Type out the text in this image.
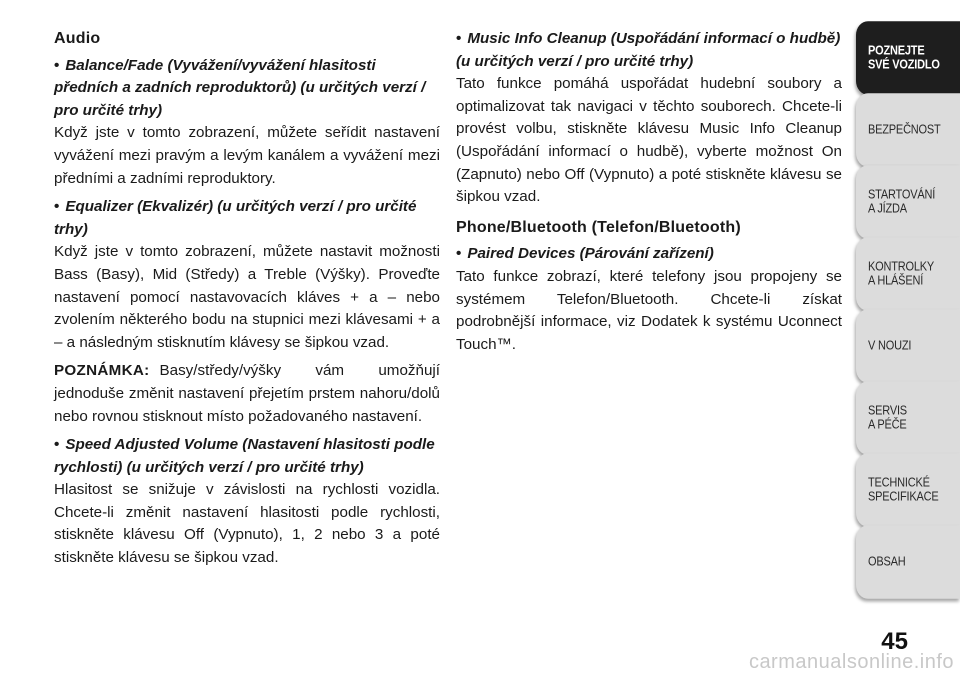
Audio

• Balance/Fade (Vyvážení/vyvážení hlasitosti předních a zadních reproduktorů) (u určitých verzí / pro určité trhy)

Když jste v tomto zobrazení, můžete seřídit nastavení vyvážení mezi pravým a levým kanálem a vyvážení mezi předními a zadními reproduktory.

• Equalizer (Ekvalizér) (u určitých verzí / pro určité trhy)

Když jste v tomto zobrazení, můžete nastavit možnosti Bass (Basy), Mid (Středy) a Treble (Výšky). Proveďte nastavení pomocí nastavovacích kláves + a – nebo zvolením některého bodu na stupnici mezi klávesami + a – a následným stisknutím klávesy se šipkou vzad.

POZNÁMKA: Basy/středy/výšky vám umožňují jednoduše změnit nastavení přejetím prstem nahoru/dolů nebo rovnou stisknout místo požadovaného nastavení.

• Speed Adjusted Volume (Nastavení hlasitosti podle rychlosti) (u určitých verzí / pro určité trhy)

Hlasitost se snižuje v závislosti na rychlosti vozidla. Chcete-li změnit nastavení hlasitosti podle rychlosti, stiskněte klávesu Off (Vypnuto), 1, 2 nebo 3 a poté stiskněte klávesu se šipkou vzad.

• Music Info Cleanup (Uspořádání informací o hudbě) (u určitých verzí / pro určité trhy)

Tato funkce pomáhá uspořádat hudební soubory a optimalizovat tak navigaci v těchto souborech. Chcete-li provést volbu, stiskněte klávesu Music Info Cleanup (Uspořádání informací o hudbě), vyberte možnost On (Zapnuto) nebo Off (Vypnuto) a poté stiskněte klávesu se šipkou vzad.

Phone/Bluetooth (Telefon/Bluetooth)

• Paired Devices (Párování zařízení)

Tato funkce zobrazí, které telefony jsou propojeny se systémem Telefon/Bluetooth. Chcete-li získat podrobnější informace, viz Dodatek k systému Uconnect Touch™.

POZNEJTE
SVÉ VOZIDLO
BEZPEČNOST
STARTOVÁNÍ
A JÍZDA
KONTROLKY
A HLÁŠENÍ
V NOUZI
SERVIS
A PÉČE
TECHNICKÉ
SPECIFIKACE
OBSAH
45
carmanualsonline.info
